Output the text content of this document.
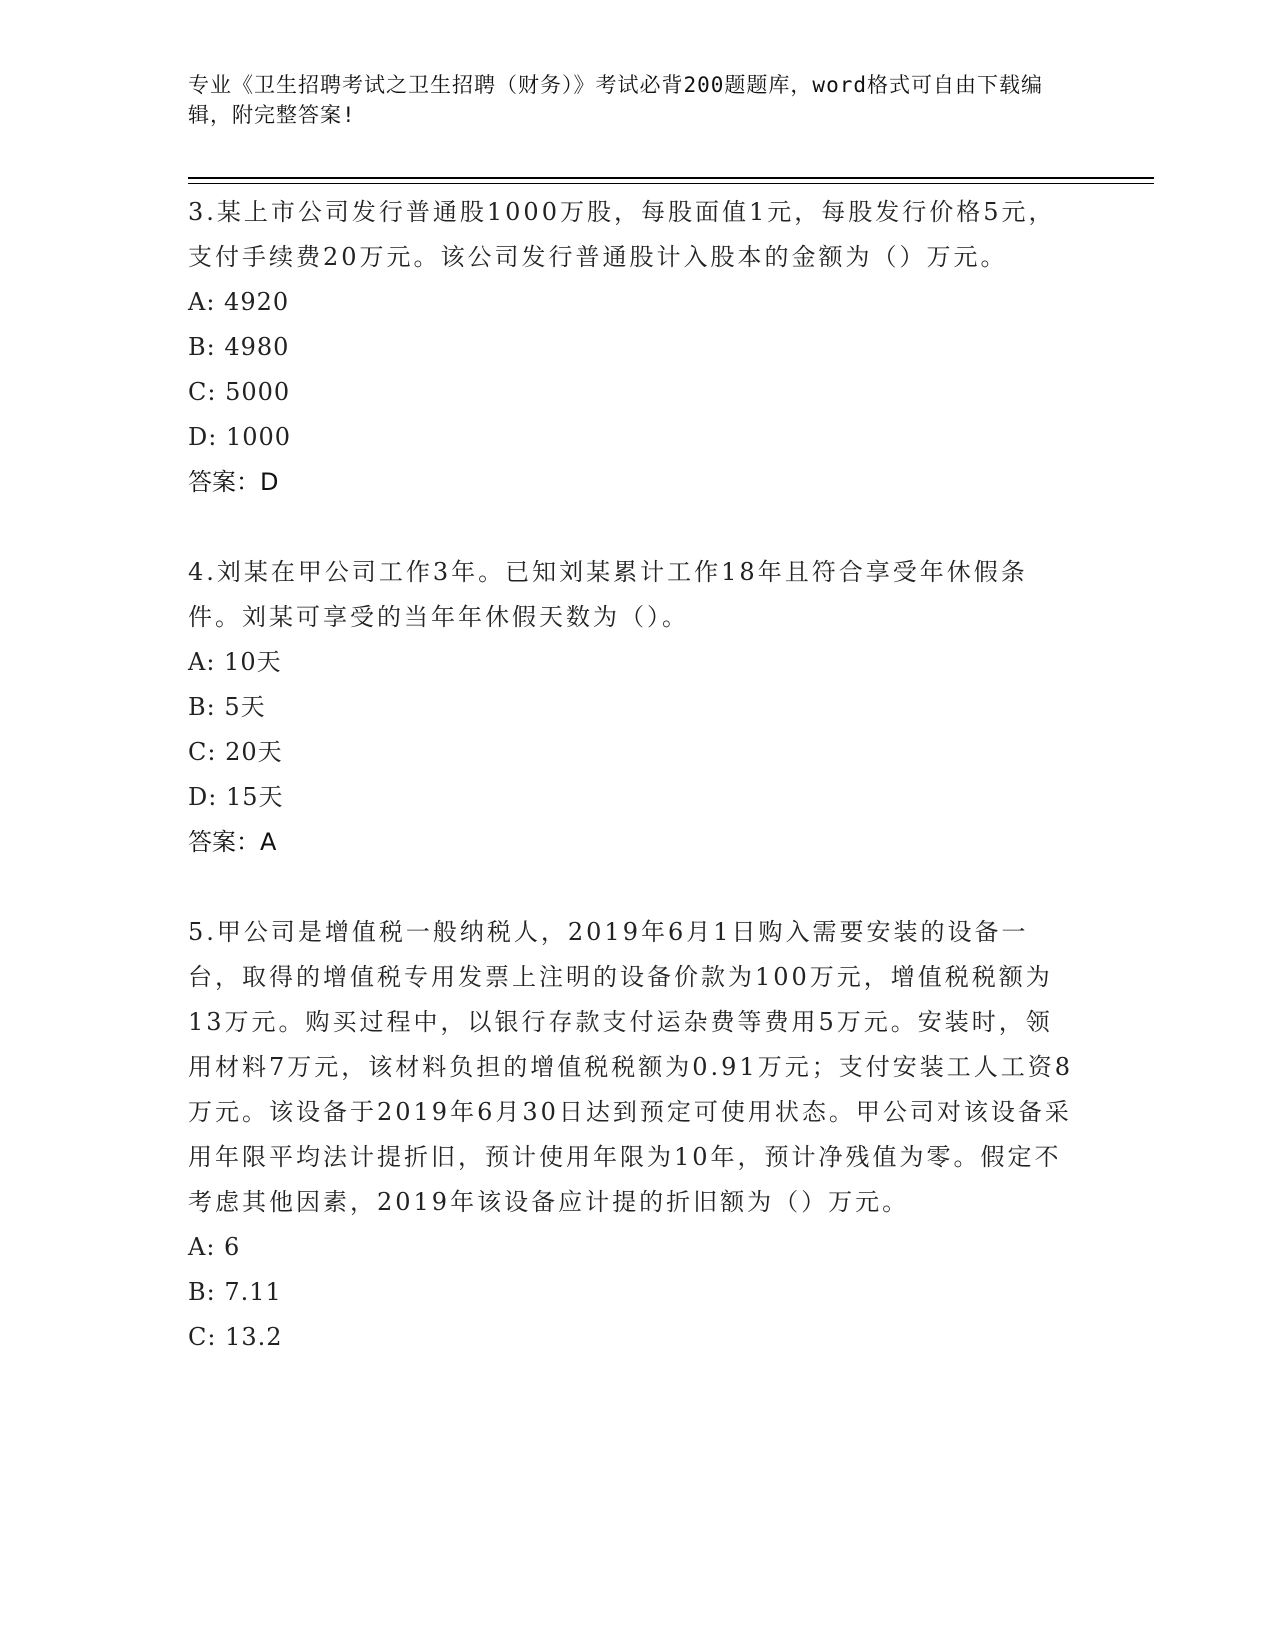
专业《卫生招聘考试之卫生招聘（财务）》考试必背200题题库，word格式可自由下载编辑，附完整答案!

3.某上市公司发行普通股1000万股，每股面值1元，每股发行价格5元，支付手续费20万元。该公司发行普通股计入股本的金额为（）万元。

A: 4920

B: 4980

C: 5000

D: 1000

答案：D

4.刘某在甲公司工作3年。已知刘某累计工作18年且符合享受年休假条件。刘某可享受的当年年休假天数为（）。

A: 10天

B: 5天

C: 20天

D: 15天

答案：A

5.甲公司是增值税一般纳税人，2019年6月1日购入需要安装的设备一台，取得的增值税专用发票上注明的设备价款为100万元，增值税税额为13万元。购买过程中，以银行存款支付运杂费等费用5万元。安装时，领用材料7万元，该材料负担的增值税税额为0.91万元；支付安装工人工资8万元。该设备于2019年6月30日达到预定可使用状态。甲公司对该设备采用年限平均法计提折旧，预计使用年限为10年，预计净残值为零。假定不考虑其他因素，2019年该设备应计提的折旧额为（）万元。

A: 6

B: 7.11

C: 13.2
